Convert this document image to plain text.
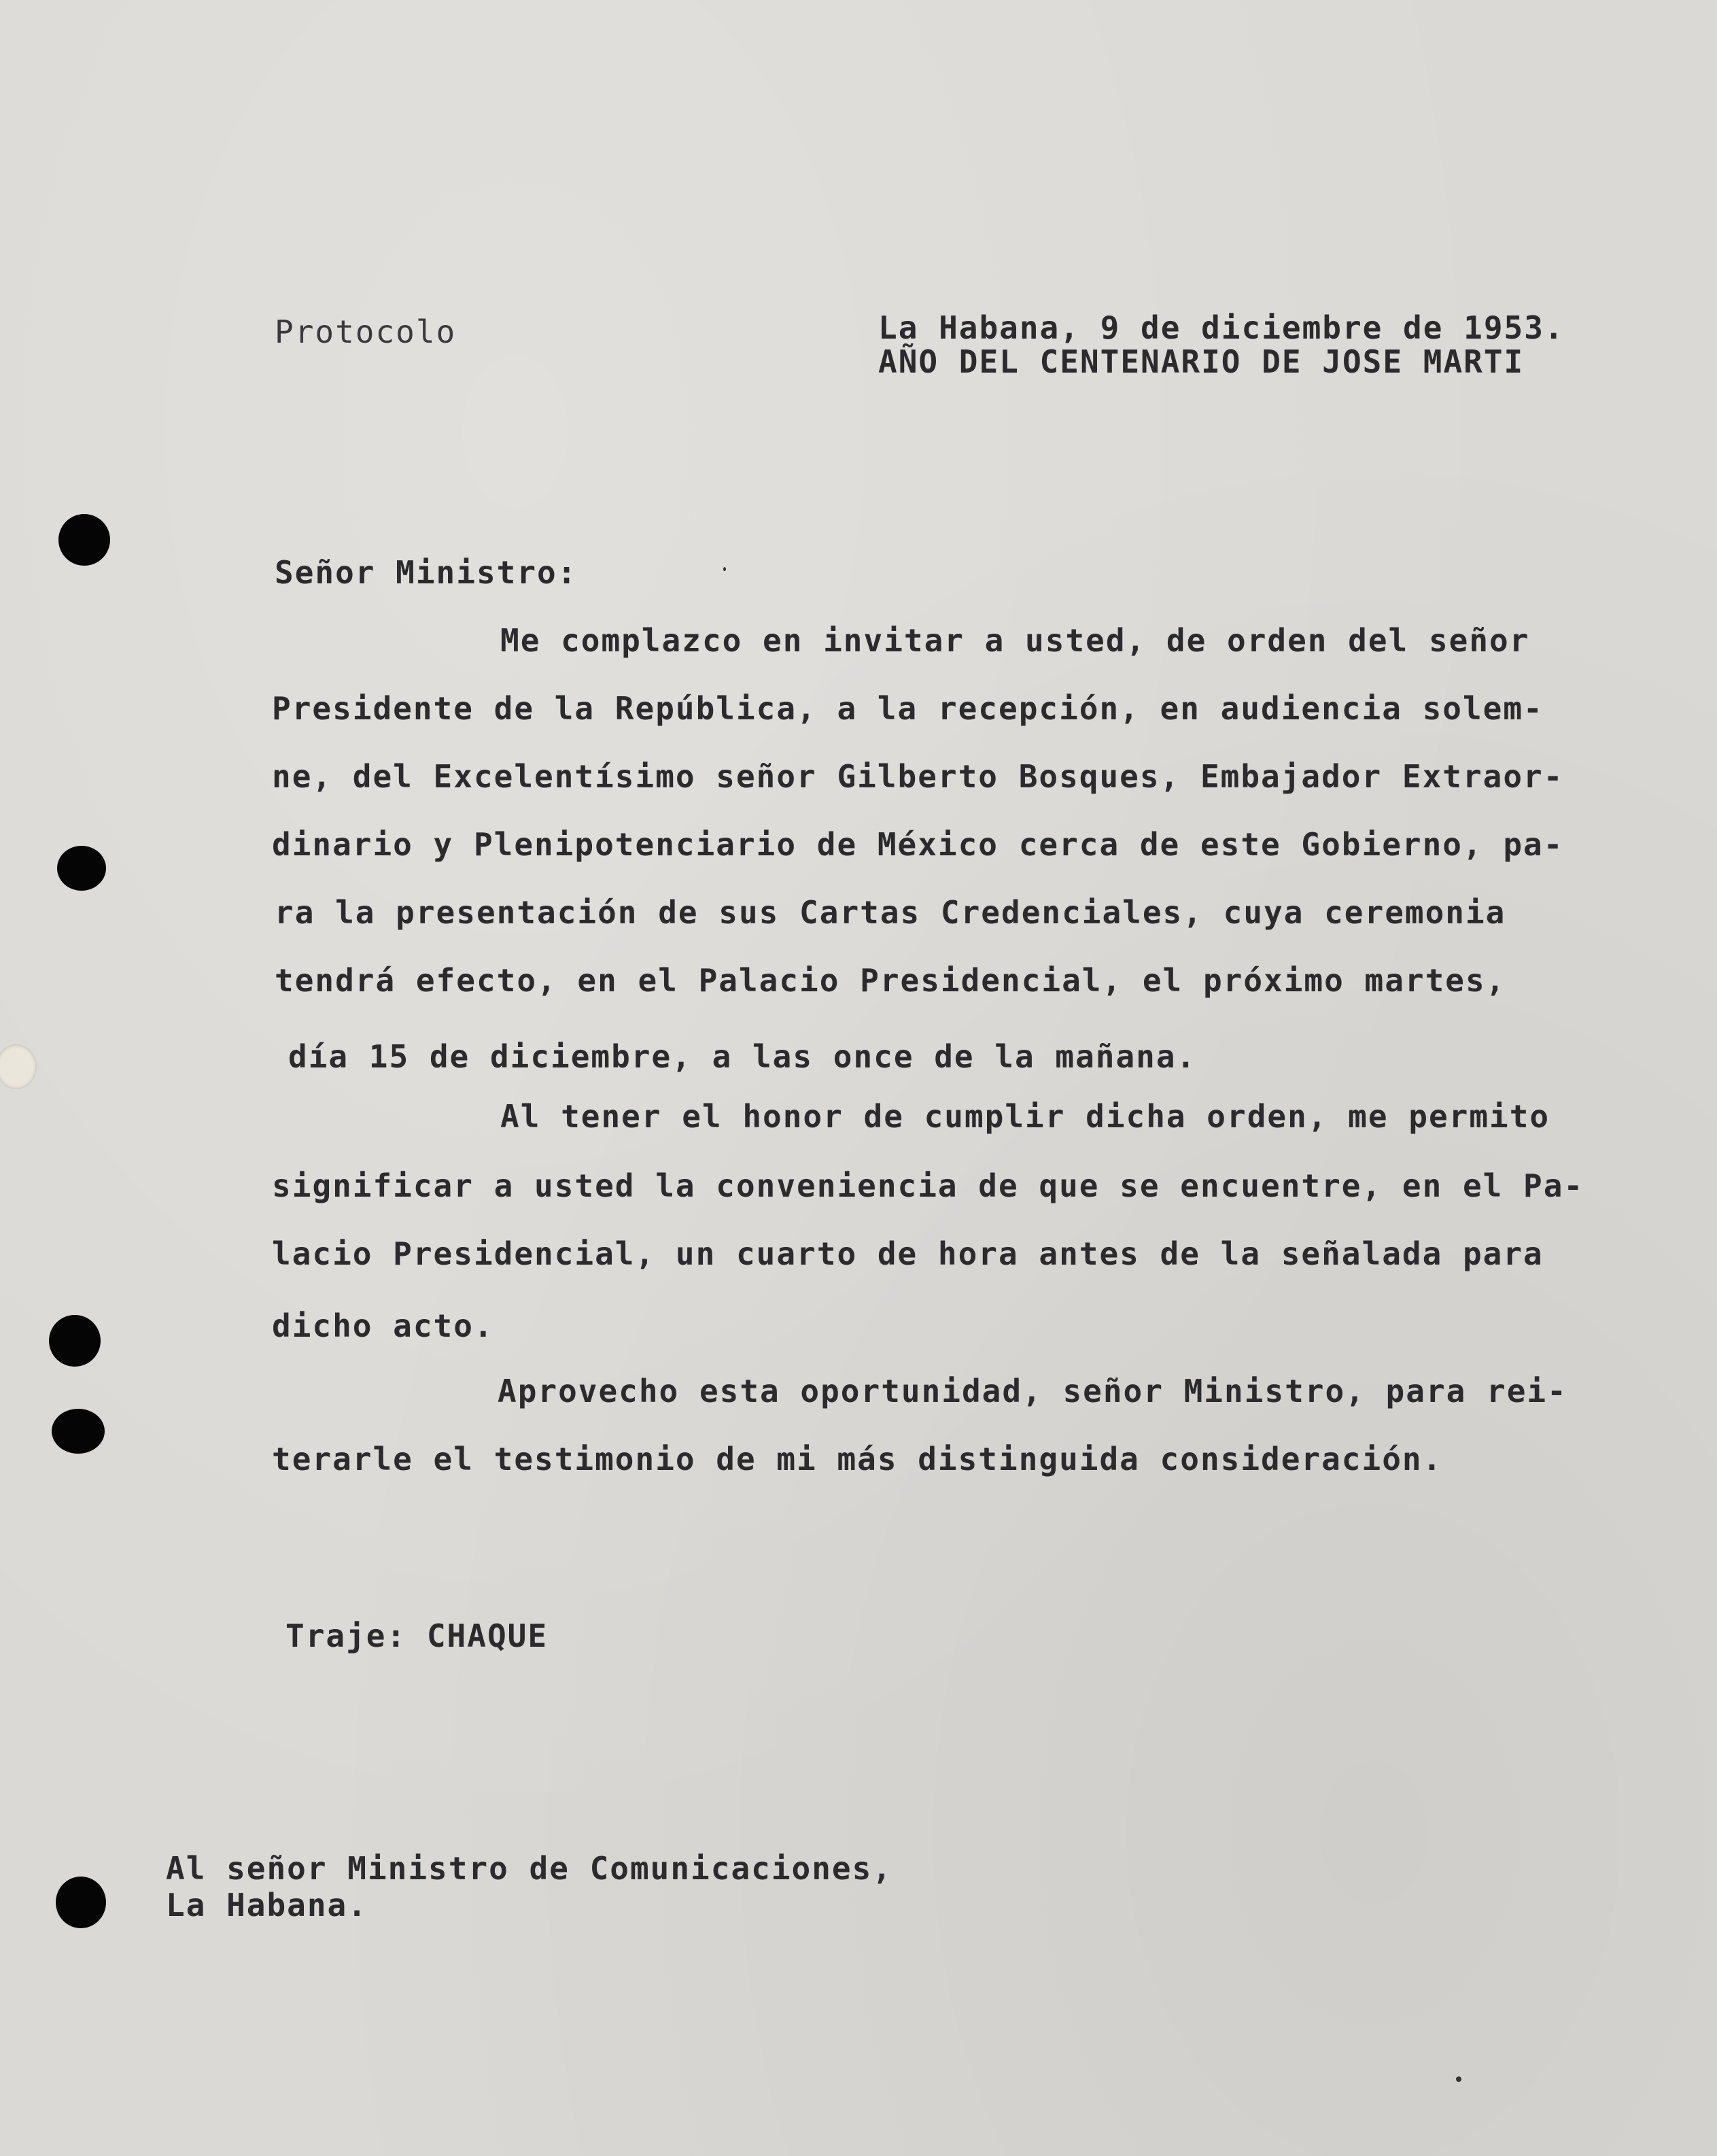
Protocolo	La Habana, 9 de diciembre de 1953.
AÑO DEL CENTENARIO DE JOSE MARTI
Señor Ministro:
Me complazco en invitar a usted, de orden del señor
Presidente de la República, a la recepción, en audiencia solem-
ne, del Excelentísimo señor Gilberto Bosques, Embajador Extraor-
dinario y Plenipotenciario de México cerca de este Gobierno, pa-
ra la presentación de sus Cartas Credenciales, cuya ceremonia
tendrá efecto, en el Palacio Presidencial, el próximo martes,
día 15 de diciembre, a las once de la mañana.
Al tener el honor de cumplir dicha orden, me permito
significar a usted la conveniencia de que se encuentre, en el Pa-
lacio Presidencial, un cuarto de hora antes de la señalada para
dicho acto.
Aprovecho esta oportunidad, señor Ministro, para rei-
terarle el testimonio de mi más distinguida consideración.
Traje: CHAQUE
Al señor Ministro de Comunicaciones,
La Habana.
